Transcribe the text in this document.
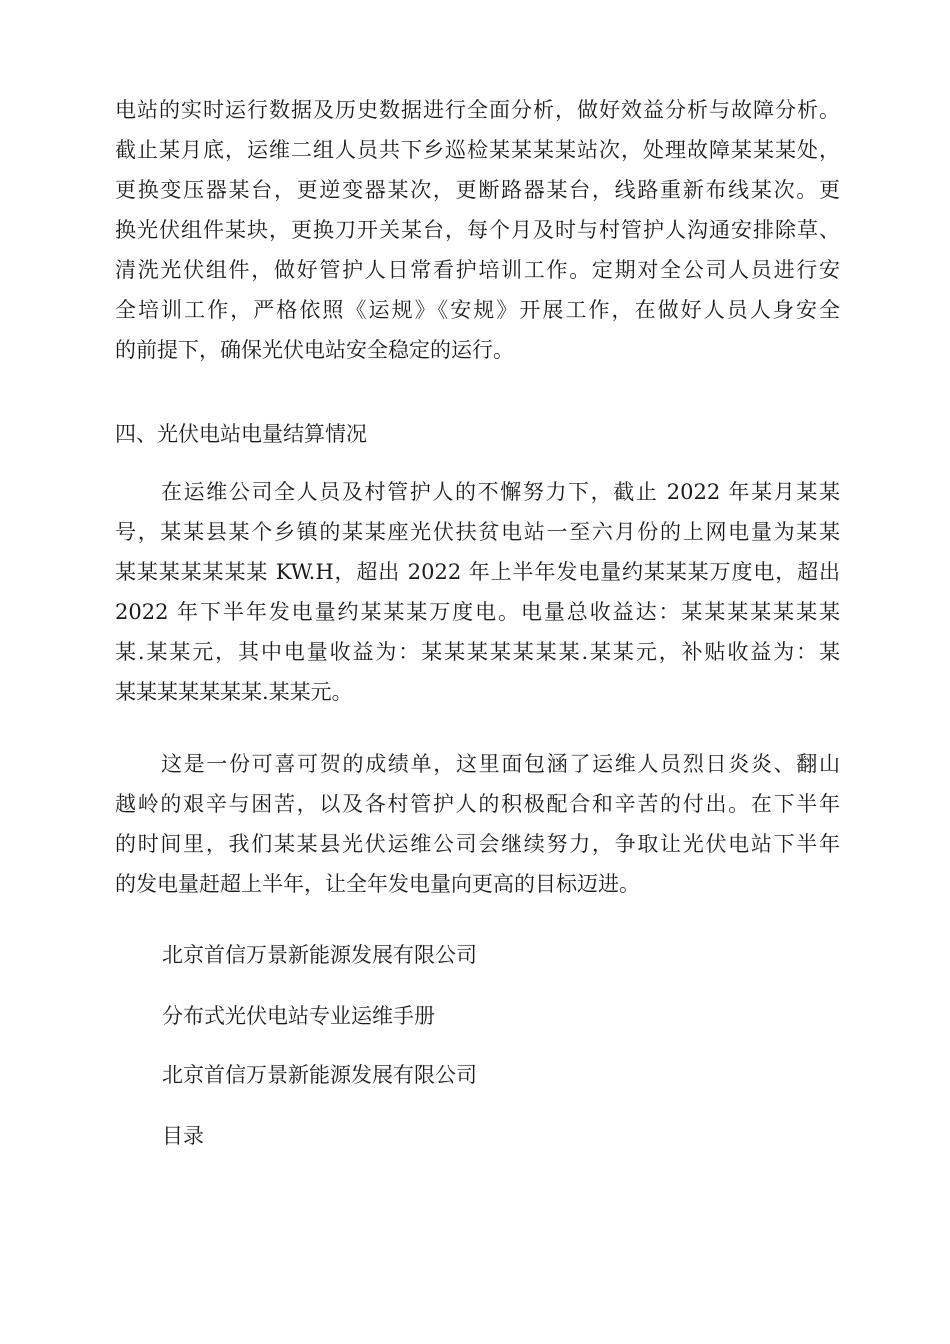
电站的实时运行数据及历史数据进行全面分析，做好效益分析与故障分析。
截止某月底，运维二组人员共下乡巡检某某某某站次，处理故障某某某处，
更换变压器某台，更逆变器某次，更断路器某台，线路重新布线某次。更
换光伏组件某块，更换刀开关某台，每个月及时与村管护人沟通安排除草、
清洗光伏组件，做好管护人日常看护培训工作。定期对全公司人员进行安
全培训工作，严格依照《运规》《安规》开展工作，在做好人员人身安全
的前提下，确保光伏电站安全稳定的运行。

四、光伏电站电量结算情况

在运维公司全人员及村管护人的不懈努力下，截止 2022 年某月某某
号，某某县某个乡镇的某某座光伏扶贫电站一至六月份的上网电量为某某
某某某某某某某 KW.H，超出 2022 年上半年发电量约某某某万度电，超出
2022 年下半年发电量约某某某万度电。电量总收益达：某某某某某某某
某.某某元，其中电量收益为：某某某某某某某.某某元，补贴收益为：某
某某某某某某某.某某元。
这是一份可喜可贺的成绩单，这里面包涵了运维人员烈日炎炎、翻山
越岭的艰辛与困苦，以及各村管护人的积极配合和辛苦的付出。在下半年
的时间里，我们某某县光伏运维公司会继续努力，争取让光伏电站下半年
的发电量赶超上半年，让全年发电量向更高的目标迈进。

北京首信万景新能源发展有限公司

分布式光伏电站专业运维手册

北京首信万景新能源发展有限公司

目录
